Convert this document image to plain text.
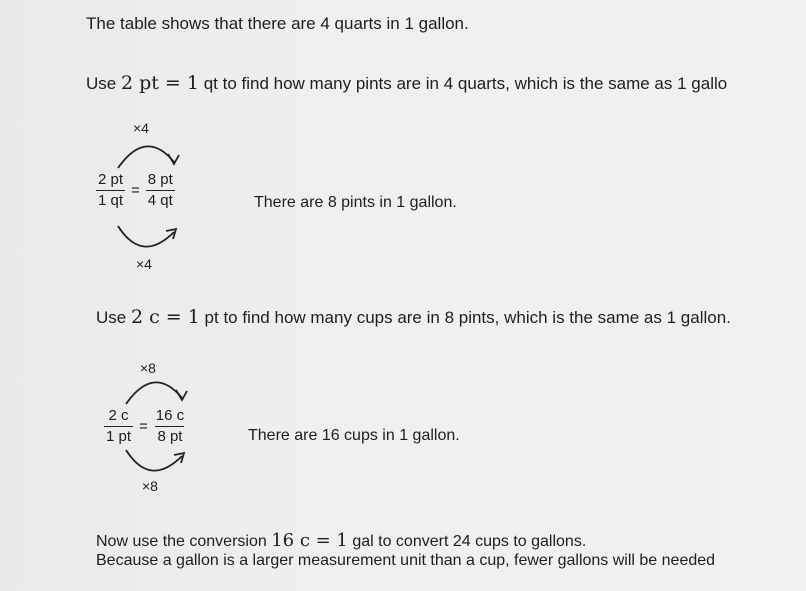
The table shows that there are 4 quarts in 1 gallon.
Use 2 pt = 1 qt to find how many pints are in 4 quarts, which is the same as 1 gallo
×4
$\frac{2 pt}{1 qt} = \frac{8 pt}{4 qt}$
×4
There are 8 pints in 1 gallon.
Use 2 c = 1 pt to find how many cups are in 8 pints, which is the same as 1 gallon.
×8
$\frac{2 c}{1 pt} = \frac{16 c}{8 pt}$
×8
There are 16 cups in 1 gallon.
Now use the conversion 16 c = 1 gal to convert 24 cups to gallons.
Because a gallon is a larger measurement unit than a cup, fewer gallons will be needed
